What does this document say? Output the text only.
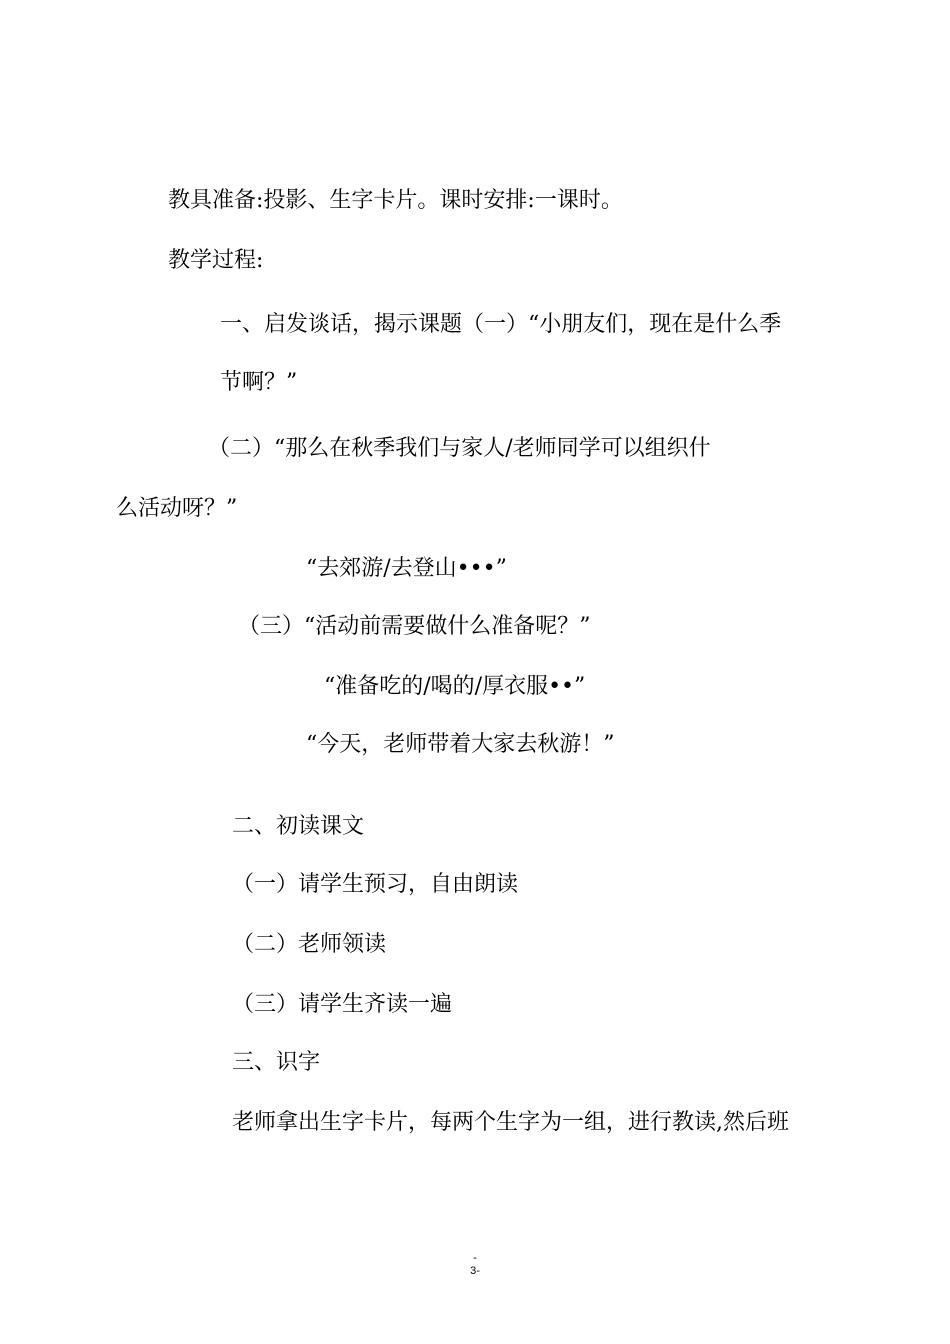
教具准备:投影、生字卡片。课时安排:一课时。
教学过程:
一、启发谈话，揭示课题（一）“小朋友们，现在是什么季
节啊？”
（二）“那么在秋季我们与家人/老师同学可以组织什
么活动呀？”
“去郊游/去登山•••”
（三）“活动前需要做什么准备呢？”
“准备吃的/喝的/厚衣服••”
“今天，老师带着大家去秋游！”
二、初读课文
（一）请学生预习，自由朗读
（二）老师领读
（三）请学生齐读一遍
三、识字
老师拿出生字卡片，每两个生字为一组，进行教读,然后班
-
3-
